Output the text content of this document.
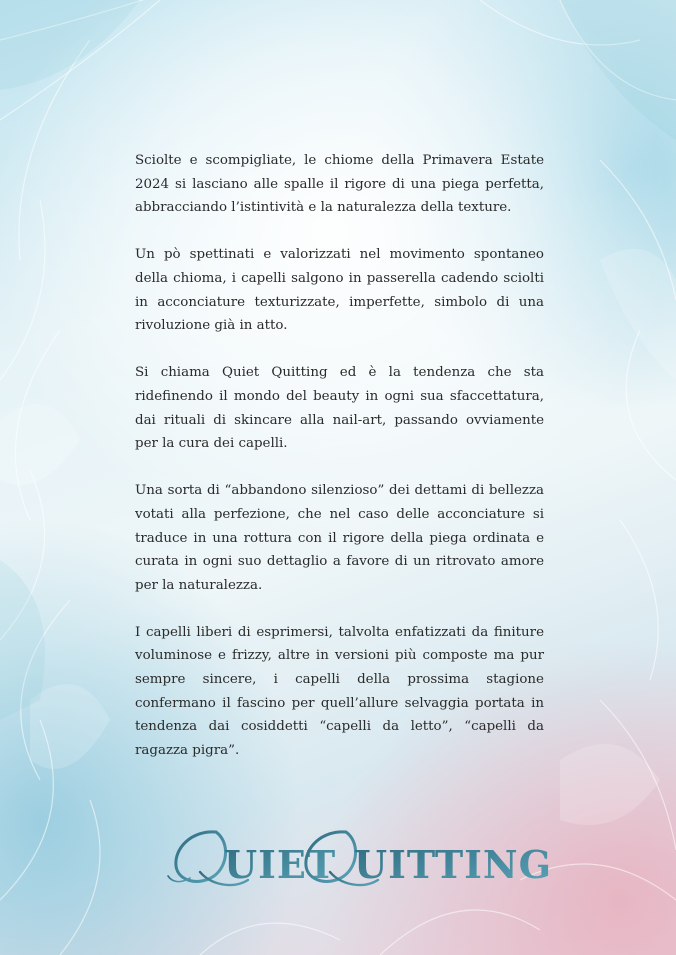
Sciolte e scompigliate, le chiome della Primavera Estate 2024 si lasciano alle spalle il rigore di una piega perfetta, abbracciando l’istintività e la naturalezza della texture.

Un pò spettinati e valorizzati nel movimento spontaneo della chioma, i capelli salgono in passerella cadendo sciolti in acconciature texturizzate, imperfette, simbolo di una rivoluzione già in atto.

Si chiama Quiet Quitting ed è la tendenza che sta ridefinendo il mondo del beauty in ogni sua sfaccettatura, dai rituali di skincare alla nail-art, passando ovviamente per la cura dei capelli.

Una sorta di “abbandono silenzioso” dei dettami di bellezza votati alla perfezione, che nel caso delle acconciature si traduce in una rottura con il rigore della piega ordinata e curata in ogni suo dettaglio a favore di un ritrovato amore per la naturalezza.

I capelli liberi di esprimersi, talvolta enfatizzati da finiture voluminose e frizzy, altre in versioni più composte ma pur sempre sincere, i capelli della prossima stagione confermano il fascino per quell’allure selvaggia portata in tendenza dai cosiddetti “capelli da letto”, “capelli da ragazza pigra”.

UIET UITTING
